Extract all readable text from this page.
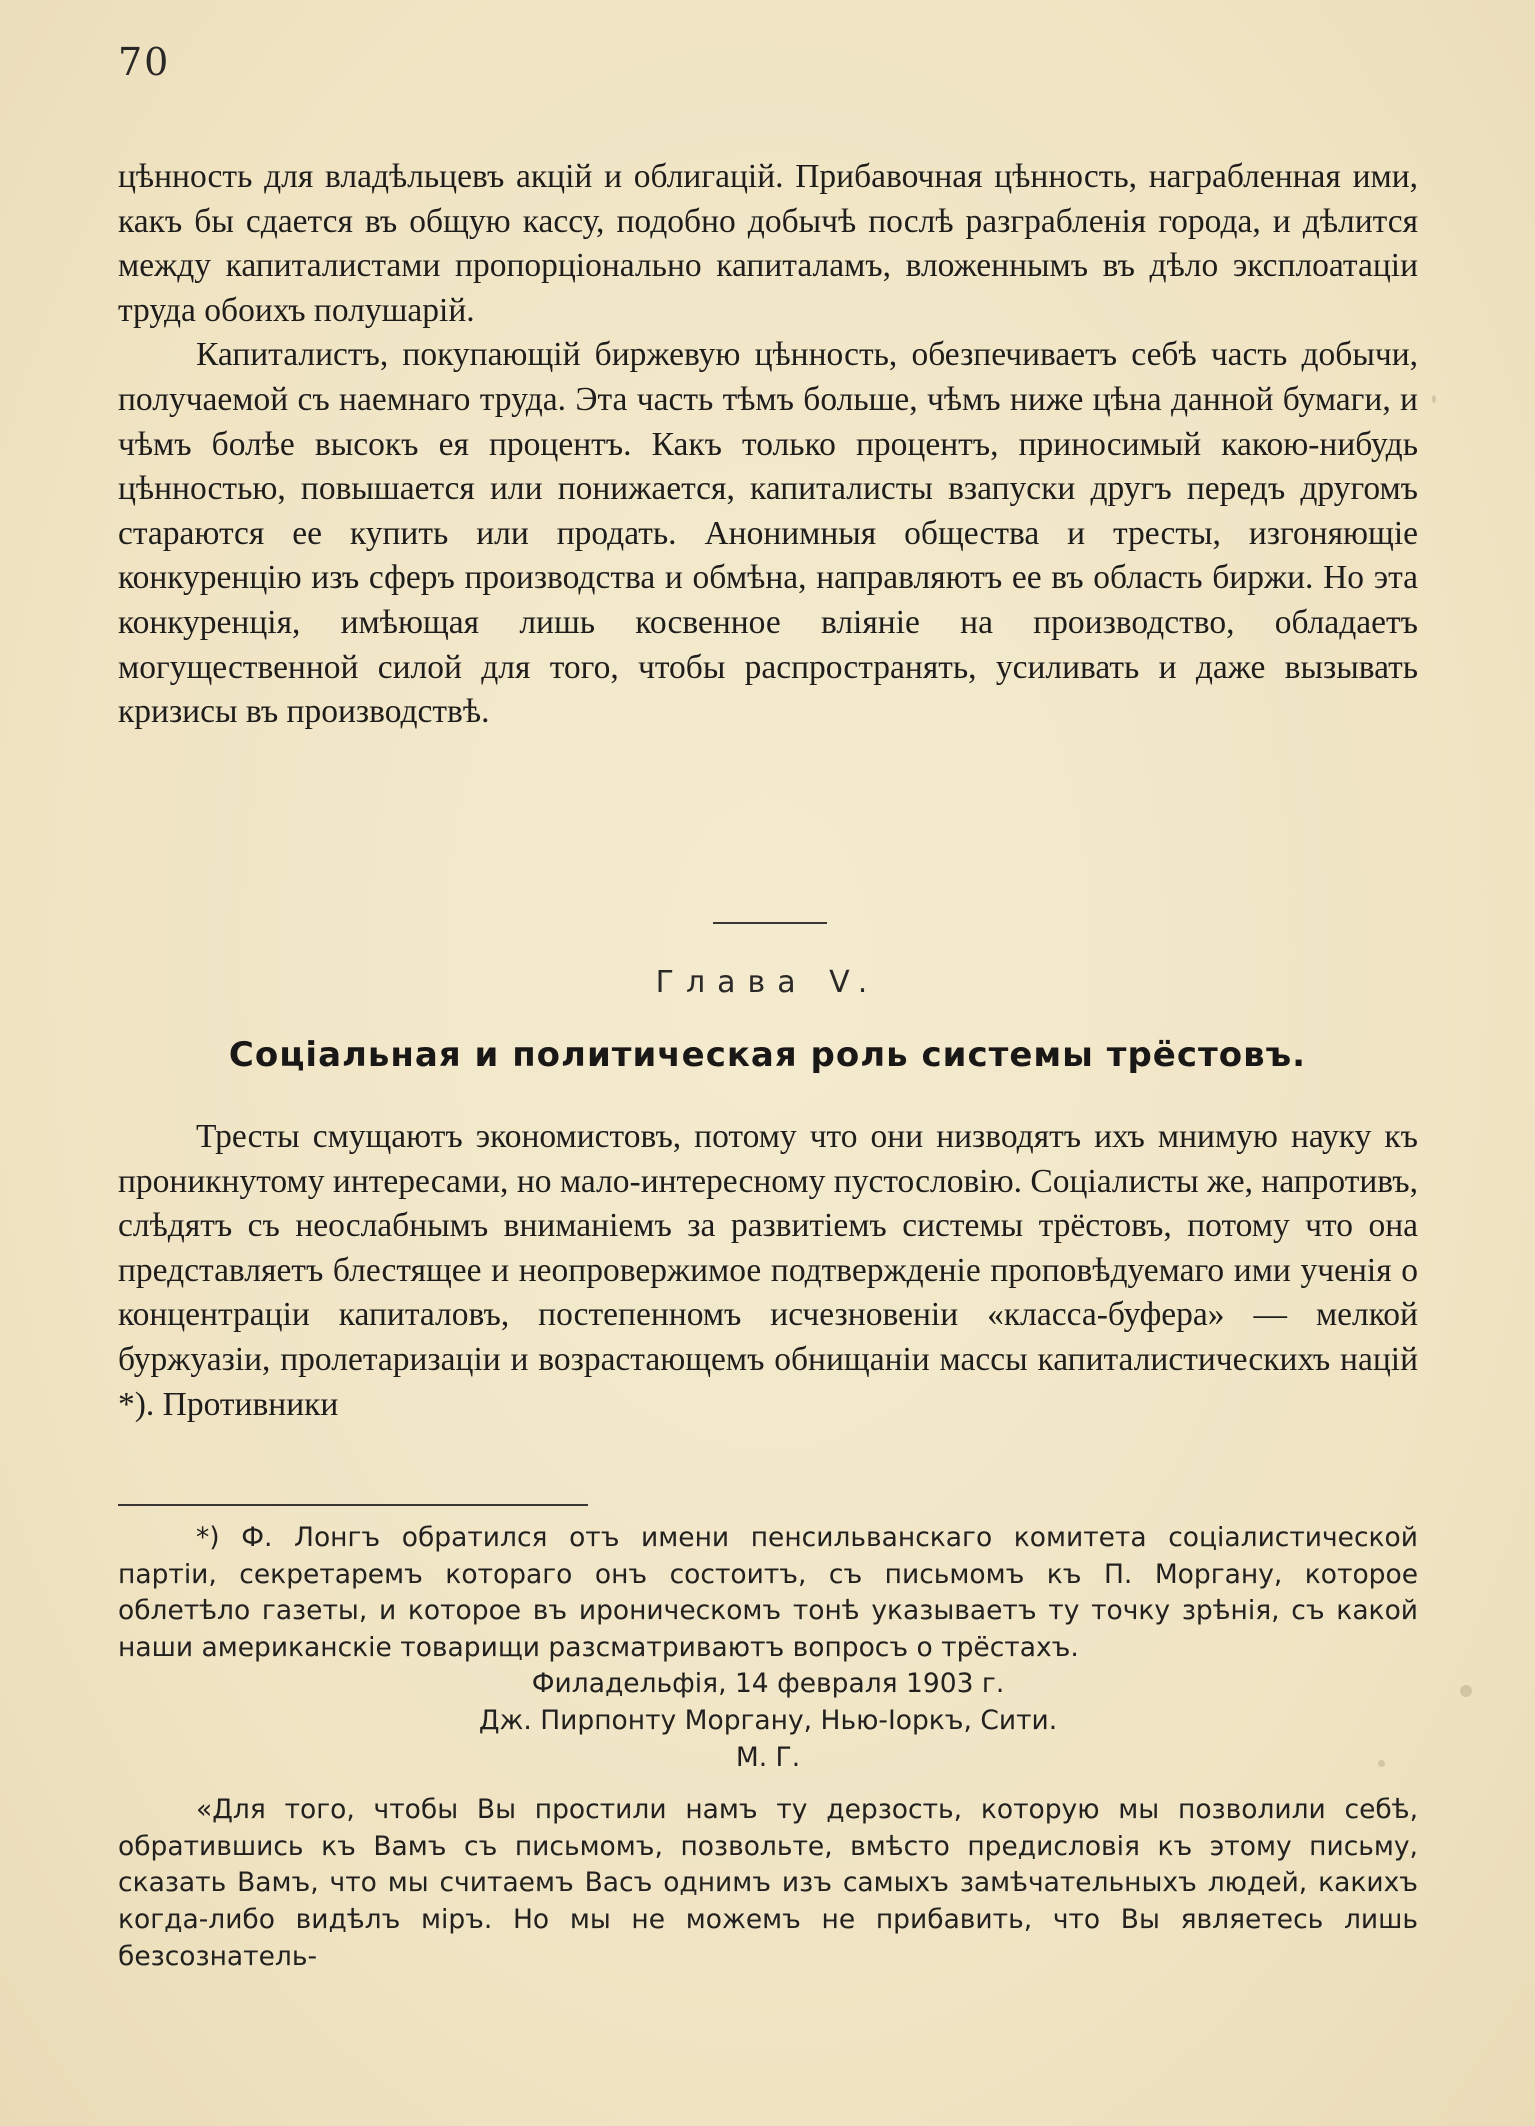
70

цѣнность для владѣльцевъ акцій и облигацій. Прибавочная цѣнность, награбленная ими, какъ бы сдается въ общую кассу, подобно добычѣ послѣ разграбленія города, и дѣлится между капиталистами пропорціонально капиталамъ, вложеннымъ въ дѣло эксплоатаціи труда обоихъ полушарій.

Капиталистъ, покупающій биржевую цѣнность, обезпечиваетъ себѣ часть добычи, получаемой съ наемнаго труда. Эта часть тѣмъ больше, чѣмъ ниже цѣна данной бумаги, и чѣмъ болѣе высокъ ея процентъ. Какъ только процентъ, приносимый какою-нибудь цѣнностью, повышается или понижается, капиталисты взапуски другъ передъ другомъ стараются ее купить или продать. Анонимныя общества и тресты, изгоняющіе конкуренцію изъ сферъ производства и обмѣна, направляютъ ее въ область биржи. Но эта конкуренція, имѣющая лишь косвенное вліяніе на производство, обладаетъ могущественной силой для того, чтобы распространять, усиливать и даже вызывать кризисы въ производствѣ.

Глава V.
Соціальная и политическая роль системы трёстовъ.

Тресты смущаютъ экономистовъ, потому что они низводятъ ихъ мнимую науку къ проникнутому интересами, но мало-интересному пустословію. Соціалисты же, напротивъ, слѣдятъ съ неослабнымъ вниманіемъ за развитіемъ системы трёстовъ, потому что она представляетъ блестящее и неопровержимое подтвержденіе проповѣдуемаго ими ученія о концентраціи капиталовъ, постепенномъ исчезновеніи «класса-буфера» — мелкой буржуазіи, пролетаризаціи и возрастающемъ обнищаніи массы капиталистическихъ націй *). Противники

*) Ф. Лонгъ обратился отъ имени пенсильванскаго комитета соціалистической партіи, секретаремъ котораго онъ состоитъ, съ письмомъ къ П. Моргану, которое облетѣло газеты, и которое въ ироническомъ тонѣ указываетъ ту точку зрѣнія, съ какой наши американскіе товарищи разсматриваютъ вопросъ о трёстахъ.

Филадельфія, 14 февраля 1903 г.

Дж. Пирпонту Моргану, Нью-Іоркъ, Сити.

М. Г.

«Для того, чтобы Вы простили намъ ту дерзость, которую мы позволили себѣ, обратившись къ Вамъ съ письмомъ, позвольте, вмѣсто предисловія къ этому письму, сказать Вамъ, что мы считаемъ Васъ однимъ изъ самыхъ замѣчательныхъ людей, какихъ когда-либо видѣлъ міръ. Но мы не можемъ не прибавить, что Вы являетесь лишь безсознатель-
